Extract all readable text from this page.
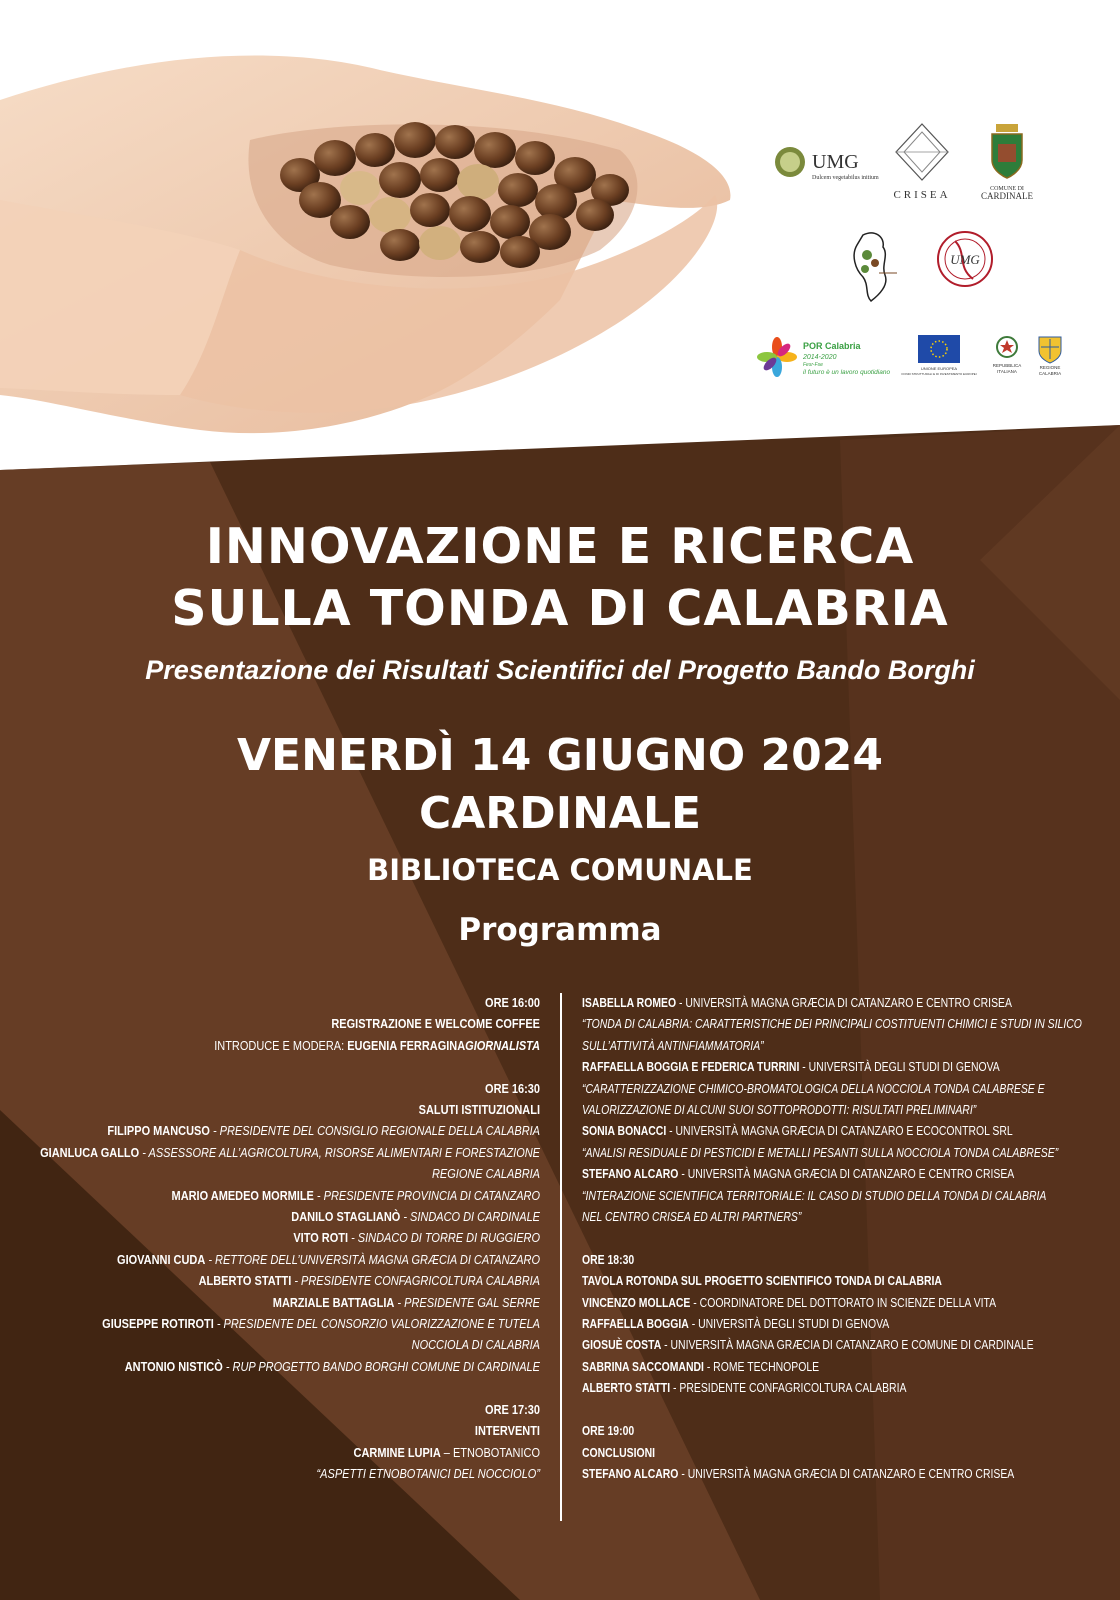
UMG
Dulcem vegetabilus initium
CRISEA	COMUNE DI
CARDINALE
UMG
POR Calabria
2014-2020
Fesr-Fse
il futuro è un lavoro quotidiano
UNIONE EUROPEA
FONDI STRUTTURALI E DI INVESTIMENTO EUROPEI
REPUBBLICA
ITALIANA
REGIONE
CALABRIA
INNOVAZIONE E RICERCA
SULLA TONDA DI CALABRIA
Presentazione dei Risultati Scientifici del Progetto Bando Borghi
VENERDÌ 14 GIUGNO 2024
CARDINALE
BIBLIOTECA COMUNALE
Programma

ORE 16:00

REGISTRAZIONE E WELCOME COFFEE

INTRODUCE E MODERA: EUGENIA FERRAGINAGIORNALISTA

ORE 16:30

SALUTI ISTITUZIONALI

FILIPPO MANCUSO - PRESIDENTE DEL CONSIGLIO REGIONALE DELLA CALABRIA

GIANLUCA GALLO - ASSESSORE ALL’AGRICOLTURA, RISORSE ALIMENTARI E FORESTAZIONE

REGIONE CALABRIA

MARIO AMEDEO MORMILE - PRESIDENTE PROVINCIA DI CATANZARO

DANILO STAGLIANÒ - SINDACO DI CARDINALE

VITO ROTI - SINDACO DI TORRE DI RUGGIERO

GIOVANNI CUDA - RETTORE DELL’UNIVERSITÀ MAGNA GRÆCIA DI CATANZARO

ALBERTO STATTI - PRESIDENTE CONFAGRICOLTURA CALABRIA

MARZIALE BATTAGLIA - PRESIDENTE GAL SERRE

GIUSEPPE ROTIROTI - PRESIDENTE DEL CONSORZIO VALORIZZAZIONE E TUTELA

NOCCIOLA DI CALABRIA

ANTONIO NISTICÒ - RUP PROGETTO BANDO BORGHI COMUNE DI CARDINALE

ORE 17:30

INTERVENTI

CARMINE LUPIA – ETNOBOTANICO

“ASPETTI ETNOBOTANICI DEL NOCCIOLO”

ISABELLA ROMEO - UNIVERSITÀ MAGNA GRÆCIA DI CATANZARO E CENTRO CRISEA

“TONDA DI CALABRIA: CARATTERISTICHE DEI PRINCIPALI COSTITUENTI CHIMICI E STUDI IN SILICO

SULL’ATTIVITÀ ANTINFIAMMATORIA”

RAFFAELLA BOGGIA E FEDERICA TURRINI - UNIVERSITÀ DEGLI STUDI DI GENOVA

“CARATTERIZZAZIONE CHIMICO-BROMATOLOGICA DELLA NOCCIOLA TONDA CALABRESE E

VALORIZZAZIONE DI ALCUNI SUOI SOTTOPRODOTTI: RISULTATI PRELIMINARI”

SONIA BONACCI - UNIVERSITÀ MAGNA GRÆCIA DI CATANZARO E ECOCONTROL SRL

“ANALISI RESIDUALE DI PESTICIDI E METALLI PESANTI SULLA NOCCIOLA TONDA CALABRESE”

STEFANO ALCARO - UNIVERSITÀ MAGNA GRÆCIA DI CATANZARO E CENTRO CRISEA

“INTERAZIONE SCIENTIFICA TERRITORIALE: IL CASO DI STUDIO DELLA TONDA DI CALABRIA

NEL CENTRO CRISEA ED ALTRI PARTNERS”

ORE 18:30

TAVOLA ROTONDA SUL PROGETTO SCIENTIFICO TONDA DI CALABRIA

VINCENZO MOLLACE - COORDINATORE DEL DOTTORATO IN SCIENZE DELLA VITA

RAFFAELLA BOGGIA - UNIVERSITÀ DEGLI STUDI DI GENOVA

GIOSUÈ COSTA - UNIVERSITÀ MAGNA GRÆCIA DI CATANZARO E COMUNE DI CARDINALE

SABRINA SACCOMANDI - ROME TECHNOPOLE

ALBERTO STATTI - PRESIDENTE CONFAGRICOLTURA CALABRIA

ORE 19:00

CONCLUSIONI

STEFANO ALCARO - UNIVERSITÀ MAGNA GRÆCIA DI CATANZARO E CENTRO CRISEA
